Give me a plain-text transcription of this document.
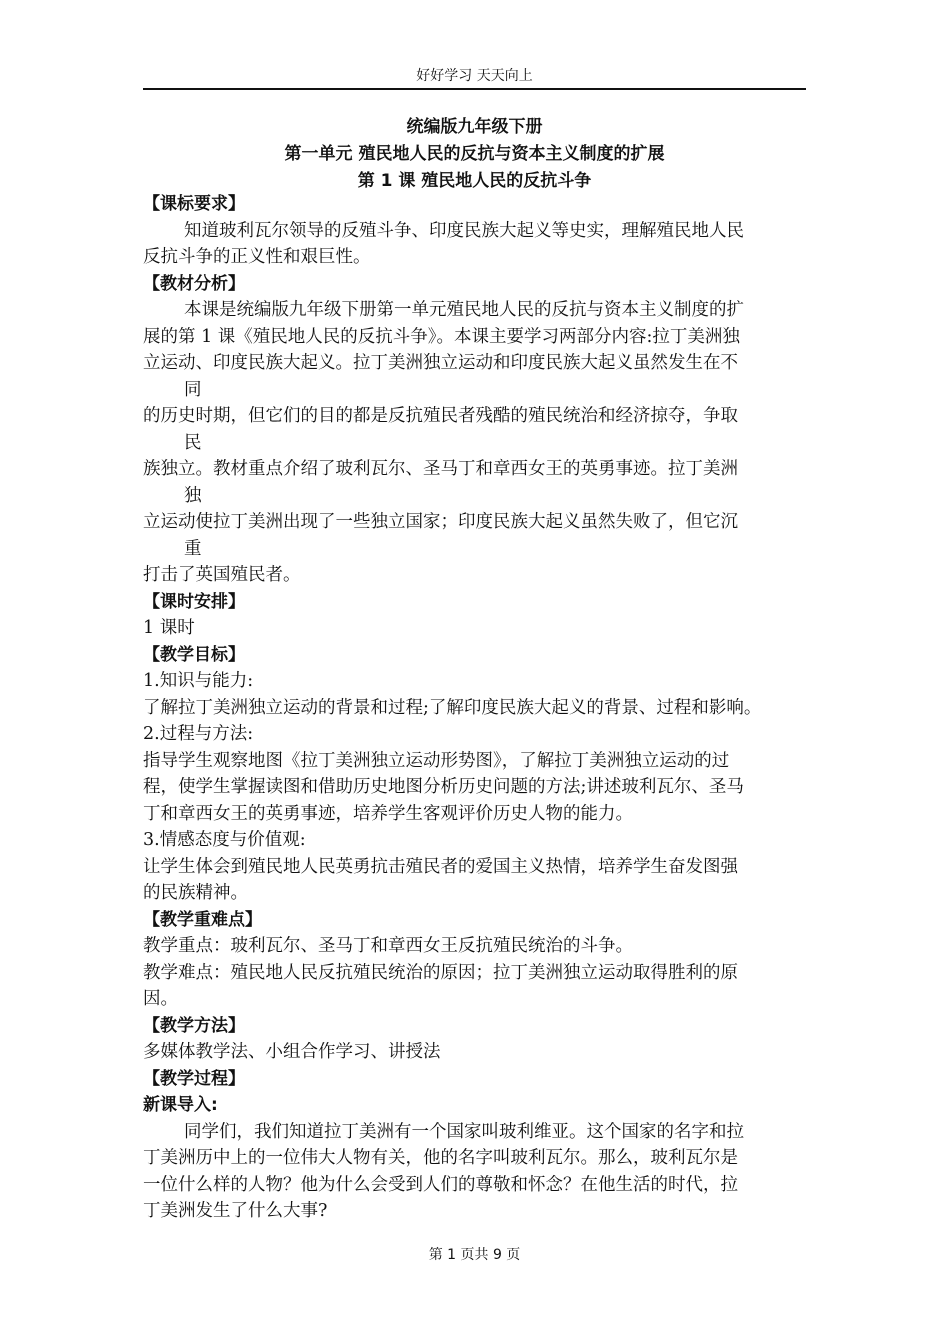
好好学习 天天向上
统编版九年级下册
第一单元 殖民地人民的反抗与资本主义制度的扩展
第 1 课 殖民地人民的反抗斗争
【课标要求】
知道玻利瓦尔领导的反殖斗争、印度民族大起义等史实，理解殖民地人民
反抗斗争的正义性和艰巨性。
【教材分析】
本课是统编版九年级下册第一单元殖民地人民的反抗与资本主义制度的扩
展的第 1 课《殖民地人民的反抗斗争》。本课主要学习两部分内容:拉丁美洲独
立运动、印度民族大起义。拉丁美洲独立运动和印度民族大起义虽然发生在不
同
的历史时期，但它们的目的都是反抗殖民者残酷的殖民统治和经济掠夺，争取
民
族独立。教材重点介绍了玻利瓦尔、圣马丁和章西女王的英勇事迹。拉丁美洲
独
立运动使拉丁美洲出现了一些独立国家；印度民族大起义虽然失败了，但它沉
重
打击了英国殖民者。
【课时安排】
1 课时
【教学目标】
1.知识与能力:
了解拉丁美洲独立运动的背景和过程;了解印度民族大起义的背景、过程和影响。
2.过程与方法:
指导学生观察地图《拉丁美洲独立运动形势图》，了解拉丁美洲独立运动的过
程，使学生掌握读图和借助历史地图分析历史问题的方法;讲述玻利瓦尔、圣马
丁和章西女王的英勇事迹，培养学生客观评价历史人物的能力。
3.情感态度与价值观:
让学生体会到殖民地人民英勇抗击殖民者的爱国主义热情，培养学生奋发图强
的民族精神。
【教学重难点】
教学重点：玻利瓦尔、圣马丁和章西女王反抗殖民统治的斗争。
教学难点：殖民地人民反抗殖民统治的原因；拉丁美洲独立运动取得胜利的原
因。
【教学方法】
多媒体教学法、小组合作学习、讲授法
【教学过程】
新课导入:
同学们，我们知道拉丁美洲有一个国家叫玻利维亚。这个国家的名字和拉
丁美洲历中上的一位伟大人物有关，他的名字叫玻利瓦尔。那么，玻利瓦尔是
一位什么样的人物？他为什么会受到人们的尊敬和怀念？在他生活的时代，拉
丁美洲发生了什么大事?
第 1 页共 9 页
